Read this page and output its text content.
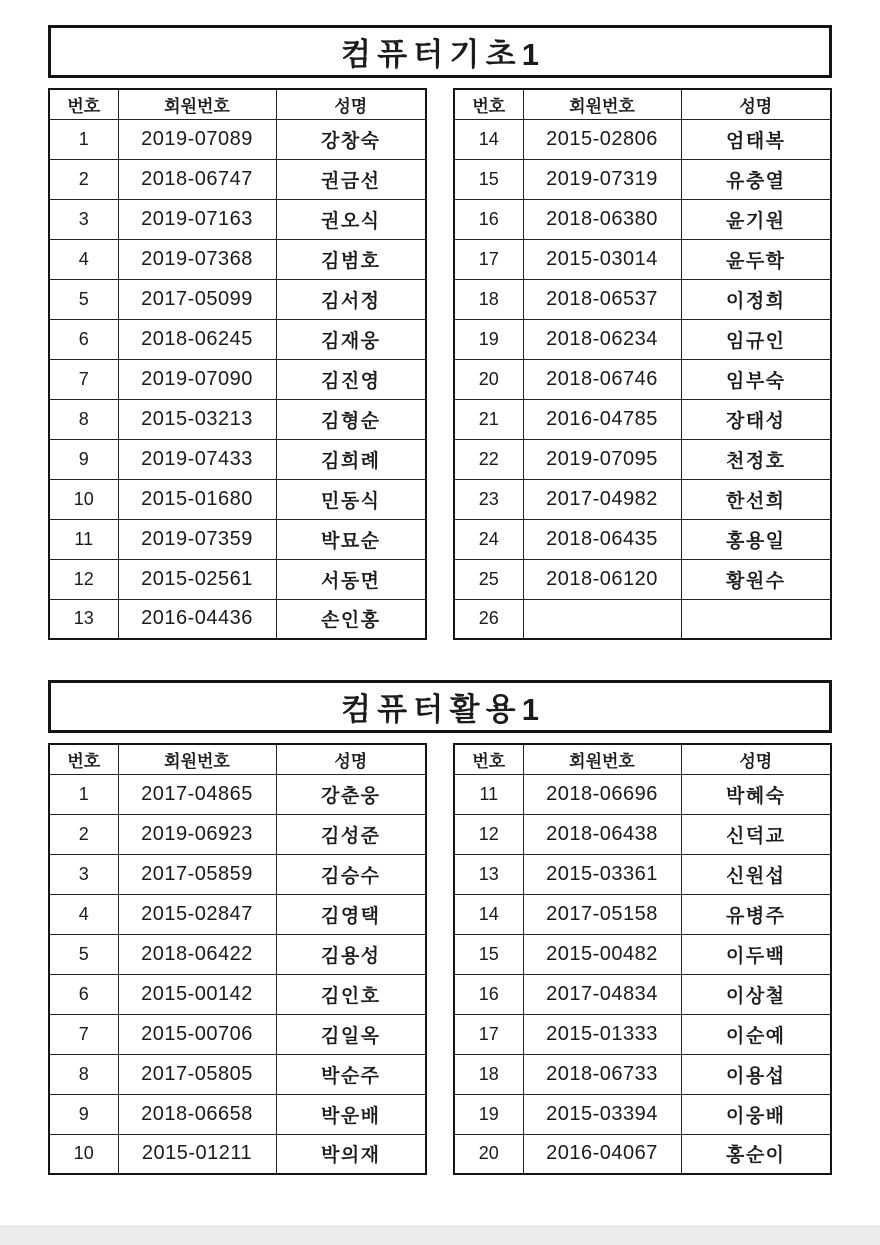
컴퓨터기초1
번호	회원번호	성명
1	2019-07089	강창숙
2	2018-06747	권금선
3	2019-07163	권오식
4	2019-07368	김범호
5	2017-05099	김서정
6	2018-06245	김재웅
7	2019-07090	김진영
8	2015-03213	김형순
9	2019-07433	김희례
10	2015-01680	민동식
11	2019-07359	박묘순
12	2015-02561	서동면
13	2016-04436	손인홍
번호	회원번호	성명
14	2015-02806	엄태복
15	2019-07319	유충열
16	2018-06380	윤기원
17	2015-03014	윤두학
18	2018-06537	이정희
19	2018-06234	임규인
20	2018-06746	임부숙
21	2016-04785	장태성
22	2019-07095	천정호
23	2017-04982	한선희
24	2018-06435	홍용일
25	2018-06120	황원수
26		
컴퓨터활용1
번호	회원번호	성명
1	2017-04865	강춘웅
2	2019-06923	김성준
3	2017-05859	김승수
4	2015-02847	김영택
5	2018-06422	김용성
6	2015-00142	김인호
7	2015-00706	김일옥
8	2017-05805	박순주
9	2018-06658	박운배
10	2015-01211	박의재
번호	회원번호	성명
11	2018-06696	박혜숙
12	2018-06438	신덕교
13	2015-03361	신원섭
14	2017-05158	유병주
15	2015-00482	이두백
16	2017-04834	이상철
17	2015-01333	이순예
18	2018-06733	이용섭
19	2015-03394	이웅배
20	2016-04067	홍순이
